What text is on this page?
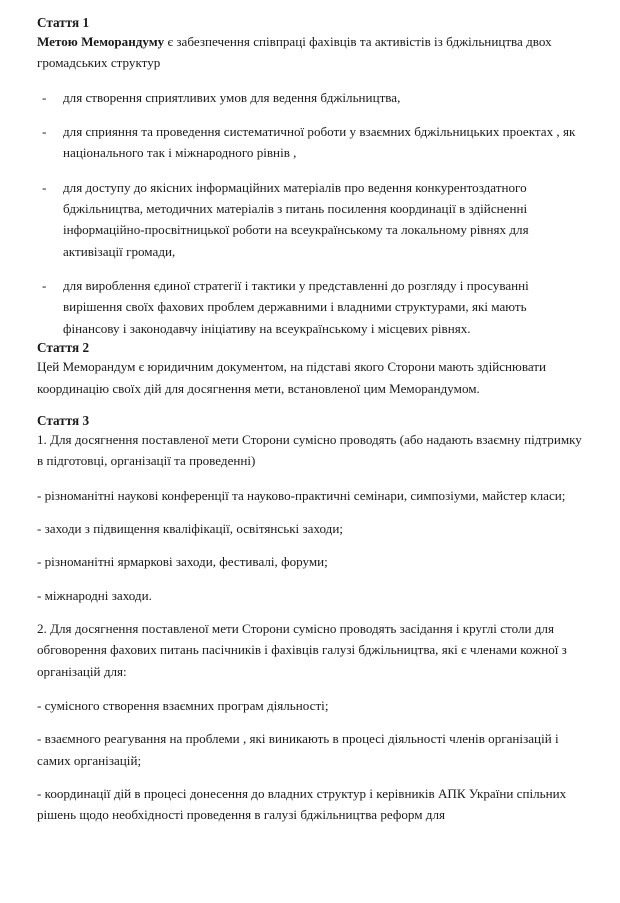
Стаття 1

Метою Меморандуму є забезпечення співпраці фахівців та активістів із бджільництва двох громадських структур

- для створення сприятливих умов для ведення бджільництва,
- для сприяння та проведення систематичної роботи у взаємних бджільницьких проектах , як національного так і міжнародного рівнів ,
- для доступу до якісних інформаційних матеріалів про ведення конкурентоздатного бджільництва, методичних матеріалів з питань посилення координації в здійсненні інформаційно-просвітницької роботи на всеукраїнському та локальному рівнях для активізації громади,
- для вироблення єдиної стратегії і тактики у представленні до розгляду і просуванні вирішення своїх фахових проблем державними і владними структурами, які мають фінансову і законодавчу ініціативу на всеукраїнському і місцевих рівнях.
Стаття 2

Цей Меморандум є юридичним документом, на підставі якого Сторони мають здійснювати координацію своїх дій для досягнення мети, встановленої цим Меморандумом.

Стаття 3

1. Для досягнення поставленої мети Сторони сумісно проводять (або надають взаємну підтримку в підготовці, організації та проведенні)

- різноманітні наукові конференції та науково-практичні семінари, симпозіуми, майстер класи;

- заходи з підвищення кваліфікації, освітянські заходи;

- різноманітні ярмаркові заходи, фестивалі, форуми;

- міжнародні заходи.

2. Для досягнення поставленої мети Сторони сумісно проводять засідання і круглі столи для обговорення фахових питань пасічників і фахівців галузі бджільництва, які є членами кожної з організацій для:

- сумісного створення взаємних програм діяльності;

- взаємного реагування на проблеми , які виникають в процесі діяльності членів організацій і самих організацій;

- координації дій в процесі донесення до владних структур і керівників АПК України спільних рішень щодо необхідності проведення в галузі бджільництва реформ для
